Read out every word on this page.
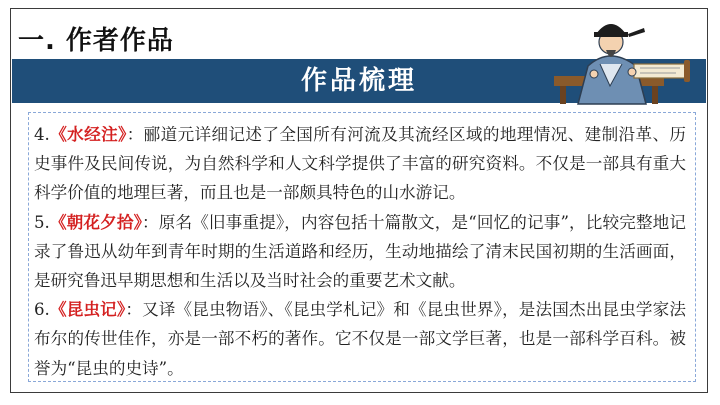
一. 作者作品
作品梳理

4.《水经注》：郦道元详细记述了全国所有河流及其流经区域的地理情况、建制沿革、历史事件及民间传说，为自然科学和人文科学提供了丰富的研究资料。不仅是一部具有重大科学价值的地理巨著，而且也是一部颇具特色的山水游记。

5.《朝花夕拾》：原名《旧事重提》，内容包括十篇散文，是“回忆的记事”，比较完整地记录了鲁迅从幼年到青年时期的生活道路和经历，生动地描绘了清末民国初期的生活画面，是研究鲁迅早期思想和生活以及当时社会的重要艺术文献。

6.《昆虫记》：又译《昆虫物语》、《昆虫学札记》和《昆虫世界》，是法国杰出昆虫学家法布尔的传世佳作，亦是一部不朽的著作。它不仅是一部文学巨著，也是一部科学百科。被誉为“昆虫的史诗”。
